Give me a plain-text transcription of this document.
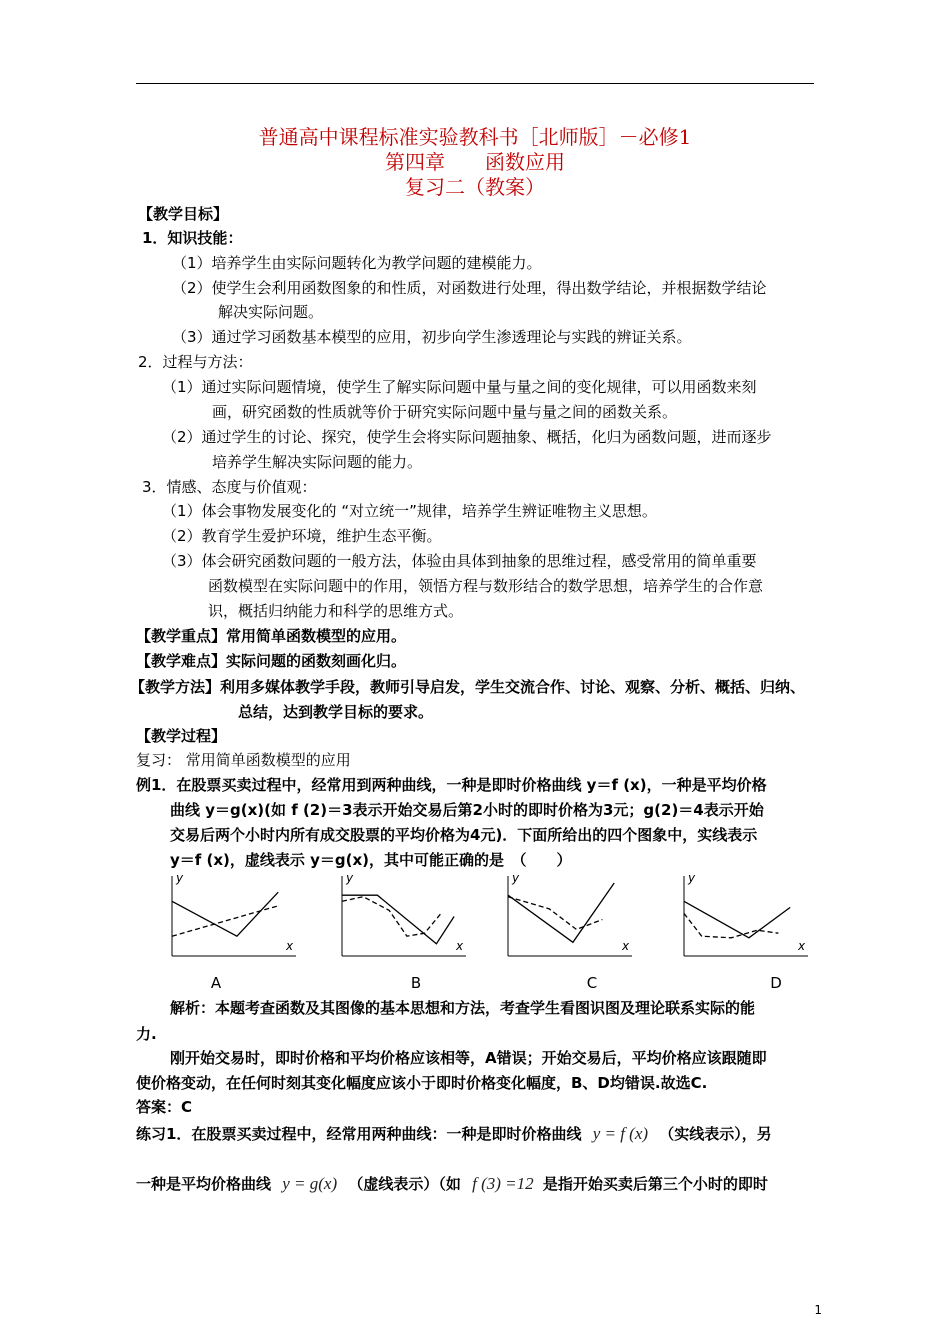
普通高中课程标准实验教科书［北师版］－必修1
第四章　　函数应用
复习二（教案）
【教学目标】
1．知识技能：
（1）培养学生由实际问题转化为教学问题的建模能力。
（2）使学生会利用函数图象的和性质，对函数进行处理，得出数学结论，并根据数学结论
解决实际问题。
（3）通过学习函数基本模型的应用，初步向学生渗透理论与实践的辨证关系。
2．过程与方法：
（1）通过实际问题情境，使学生了解实际问题中量与量之间的变化规律，可以用函数来刻
画，研究函数的性质就等价于研究实际问题中量与量之间的函数关系。
（2）通过学生的讨论、探究，使学生会将实际问题抽象、概括，化归为函数问题，进而逐步
培养学生解决实际问题的能力。
3．情感、态度与价值观：
（1）体会事物发展变化的 “对立统一”规律，培养学生辨证唯物主义思想。
（2）教育学生爱护环境，维护生态平衡。
（3）体会研究函数问题的一般方法，体验由具体到抽象的思维过程，感受常用的简单重要
函数模型在实际问题中的作用，领悟方程与数形结合的数学思想，培养学生的合作意
识，概括归纳能力和科学的思维方式。
【教学重点】常用简单函数模型的应用。
【教学难点】实际问题的函数刻画化归。
【教学方法】利用多媒体教学手段，教师引导启发，学生交流合作、讨论、观察、分析、概括、归纳、
总结，达到教学目标的要求。
【教学过程】
复习： 常用简单函数模型的应用
例1．在股票买卖过程中，经常用到两种曲线，一种是即时价格曲线 y＝f (x)，一种是平均价格
曲线 y＝g(x)(如 f (2)＝3表示开始交易后第2小时的即时价格为3元；g(2)＝4表示开始
交易后两个小时内所有成交股票的平均价格为4元)．下面所给出的四个图象中，实线表示
y＝f (x)，虚线表示 y＝g(x)，其中可能正确的是　（　　）
y
x
y
x
y
x
y
x
A	B	C	D
解析：本题考查函数及其图像的基本思想和方法，考查学生看图识图及理论联系实际的能
力.
刚开始交易时，即时价格和平均价格应该相等，A错误；开始交易后，平均价格应该跟随即
使价格变动，在任何时刻其变化幅度应该小于即时价格变化幅度，B、D均错误.故选C.
答案：C
练习1．在股票买卖过程中，经常用两种曲线：一种是即时价格曲线 y = f (x) （实线表示），另
一种是平均价格曲线 y = g(x) （虚线表示）（如 f (3) =12 是指开始买卖后第三个小时的即时
1
